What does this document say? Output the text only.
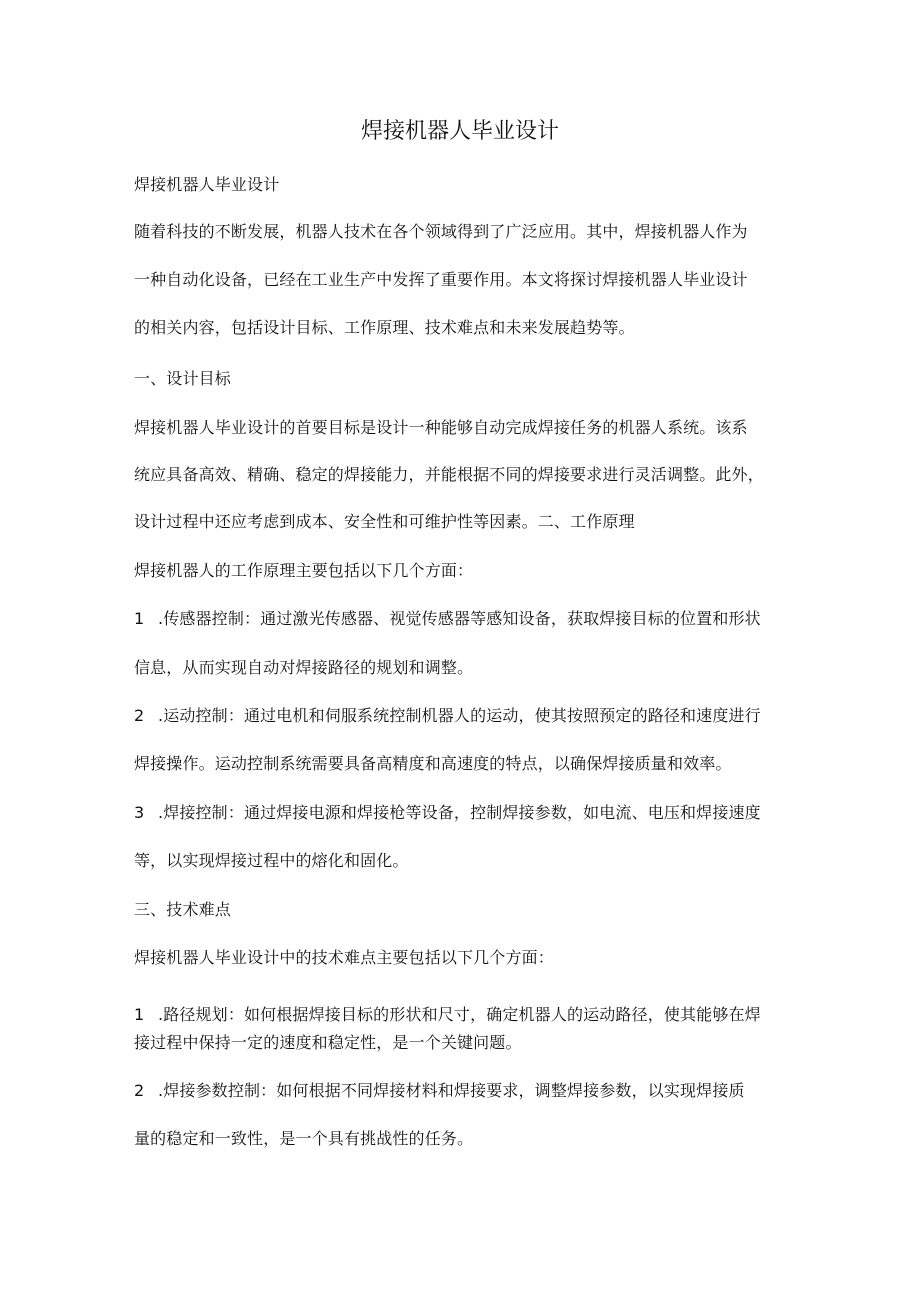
焊接机器人毕业设计
焊接机器人毕业设计
随着科技的不断发展，机器人技术在各个领域得到了广泛应用。其中，焊接机器人作为
一种自动化设备，已经在工业生产中发挥了重要作用。本文将探讨焊接机器人毕业设计
的相关内容，包括设计目标、工作原理、技术难点和未来发展趋势等。
一、设计目标
焊接机器人毕业设计的首要目标是设计一种能够自动完成焊接任务的机器人系统。该系
统应具备高效、精确、稳定的焊接能力，并能根据不同的焊接要求进行灵活调整。此外，
设计过程中还应考虑到成本、安全性和可维护性等因素。二、工作原理
焊接机器人的工作原理主要包括以下几个方面：
1 .传感器控制：通过激光传感器、视觉传感器等感知设备，获取焊接目标的位置和形状
信息，从而实现自动对焊接路径的规划和调整。
2 .运动控制：通过电机和伺服系统控制机器人的运动，使其按照预定的路径和速度进行
焊接操作。运动控制系统需要具备高精度和高速度的特点，以确保焊接质量和效率。
3 .焊接控制：通过焊接电源和焊接枪等设备，控制焊接参数，如电流、电压和焊接速度
等，以实现焊接过程中的熔化和固化。
三、技术难点
焊接机器人毕业设计中的技术难点主要包括以下几个方面：
1 .路径规划：如何根据焊接目标的形状和尺寸，确定机器人的运动路径，使其能够在焊
接过程中保持一定的速度和稳定性，是一个关键问题。
2 .焊接参数控制：如何根据不同焊接材料和焊接要求，调整焊接参数，以实现焊接质
量的稳定和一致性，是一个具有挑战性的任务。
